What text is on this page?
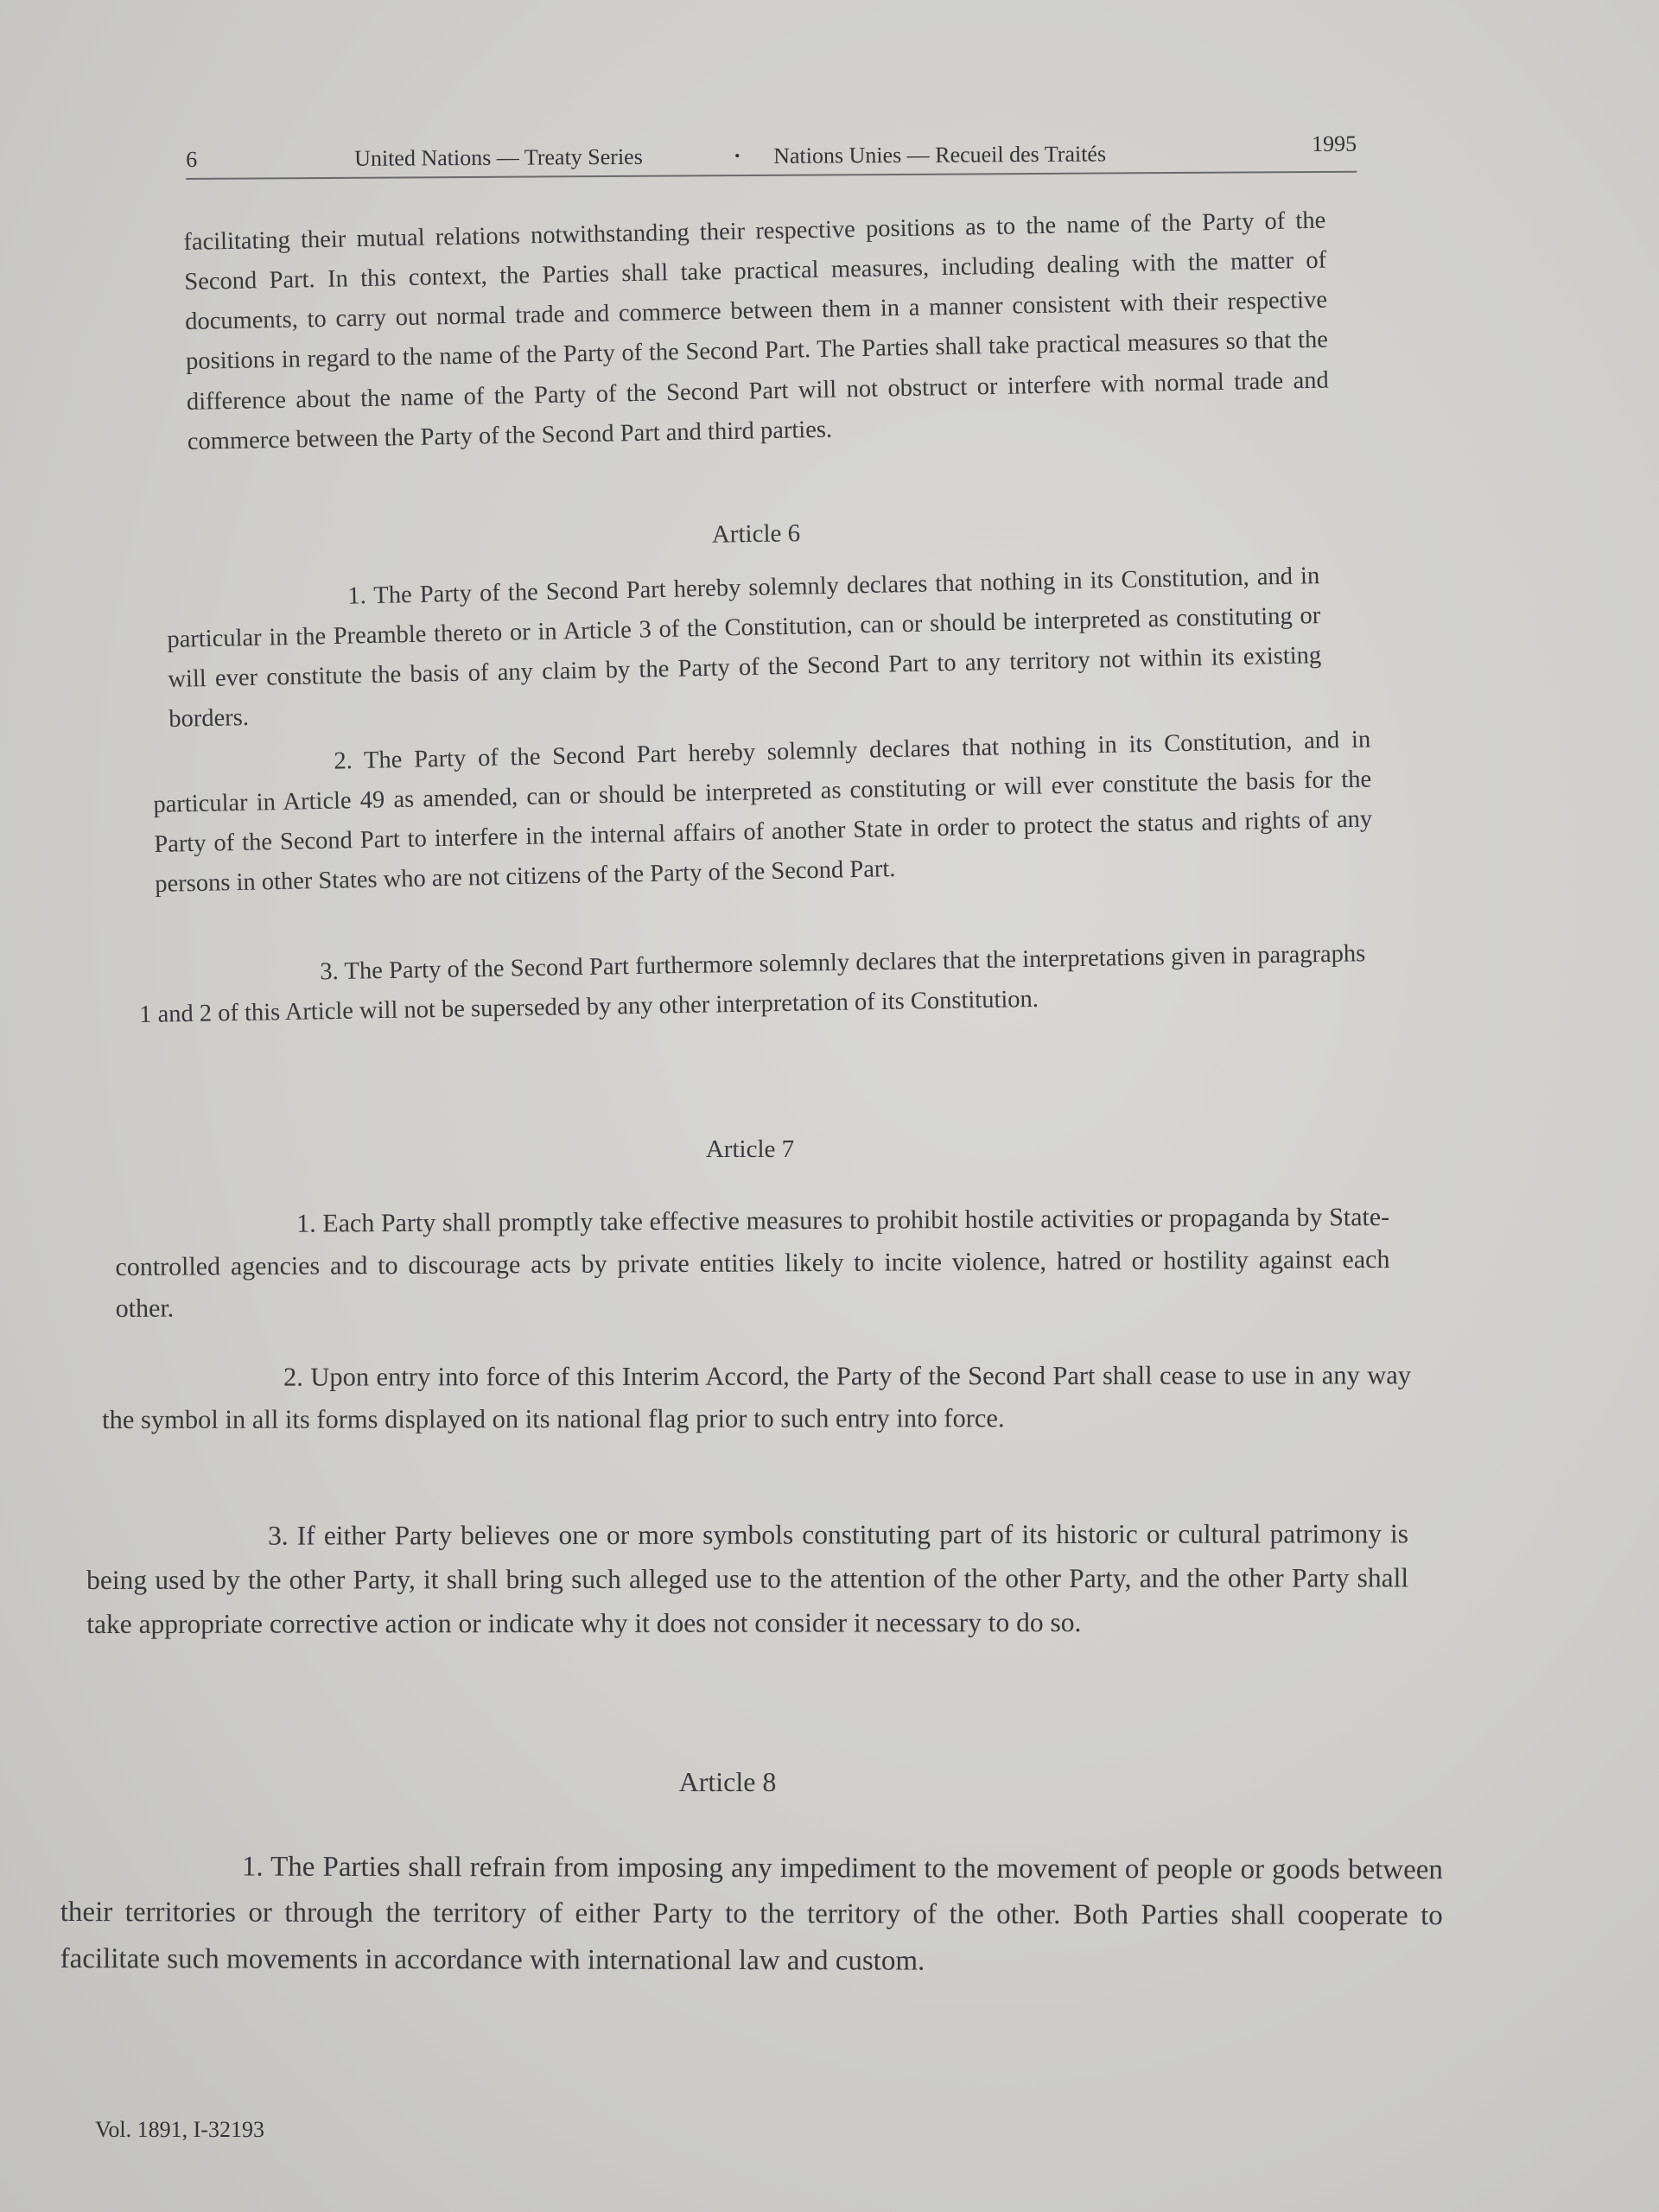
6	United Nations — Treaty Series	• Nations Unies — Recueil des Traités	1995

facilitating their mutual relations notwithstanding their respective positions as to the name of the Party of the Second Part. In this context, the Parties shall take practical measures, including dealing with the matter of documents, to carry out normal trade and commerce between them in a manner consistent with their respective positions in regard to the name of the Party of the Second Part. The Parties shall take practical measures so that the difference about the name of the Party of the Second Part will not obstruct or interfere with normal trade and commerce between the Party of the Second Part and third parties.

Article 6

1. The Party of the Second Part hereby solemnly declares that nothing in its Constitution, and in particular in the Preamble thereto or in Article 3 of the Constitution, can or should be interpreted as constituting or will ever constitute the basis of any claim by the Party of the Second Part to any territory not within its existing borders.

2. The Party of the Second Part hereby solemnly declares that nothing in its Constitution, and in particular in Article 49 as amended, can or should be interpreted as constituting or will ever constitute the basis for the Party of the Second Part to interfere in the internal affairs of another State in order to protect the status and rights of any persons in other States who are not citizens of the Party of the Second Part.

3. The Party of the Second Part furthermore solemnly declares that the interpretations given in paragraphs 1 and 2 of this Article will not be superseded by any other interpretation of its Constitution.

Article 7

1. Each Party shall promptly take effective measures to prohibit hostile activities or propaganda by State-controlled agencies and to discourage acts by private entities likely to incite violence, hatred or hostility against each other.

2. Upon entry into force of this Interim Accord, the Party of the Second Part shall cease to use in any way the symbol in all its forms displayed on its national flag prior to such entry into force.

3. If either Party believes one or more symbols constituting part of its historic or cultural patrimony is being used by the other Party, it shall bring such alleged use to the attention of the other Party, and the other Party shall take appropriate corrective action or indicate why it does not consider it necessary to do so.

Article 8

1. The Parties shall refrain from imposing any impediment to the movement of people or goods between their territories or through the territory of either Party to the territory of the other. Both Parties shall cooperate to facilitate such movements in accordance with international law and custom.

Vol. 1891, I-32193
